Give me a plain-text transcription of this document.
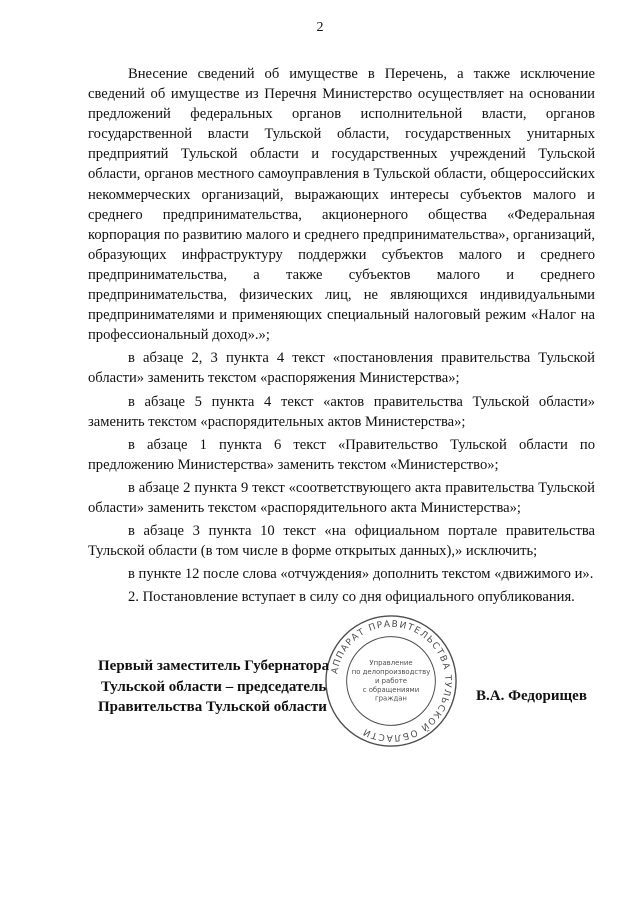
2

Внесение сведений об имуществе в Перечень, а также исключение сведений об имуществе из Перечня Министерство осуществляет на основании предложений федеральных органов исполнительной власти, органов государственной власти Тульской области, государственных унитарных предприятий Тульской области и государственных учреждений Тульской области, органов местного самоуправления в Тульской области, общероссийских некоммерческих организаций, выражающих интересы субъектов малого и среднего предпринимательства, акционерного общества «Федеральная корпорация по развитию малого и среднего предпринимательства», организаций, образующих инфраструктуру поддержки субъектов малого и среднего предпринимательства, а также субъектов малого и среднего предпринимательства, физических лиц, не являющихся индивидуальными предпринимателями и применяющих специальный налоговый режим «Налог на профессиональный доход».»;

в абзаце 2, 3 пункта 4 текст «постановления правительства Тульской области» заменить текстом «распоряжения Министерства»;

в абзаце 5 пункта 4 текст «актов правительства Тульской области» заменить текстом «распорядительных актов Министерства»;

в абзаце 1 пункта 6 текст «Правительство Тульской области по предложению Министерства» заменить текстом «Министерство»;

в абзаце 2 пункта 9 текст «соответствующего акта правительства Тульской области» заменить текстом «распорядительного акта Министерства»;

в абзаце 3 пункта 10 текст «на официальном портале правительства Тульской области (в том числе в форме открытых данных),» исключить;

в пункте 12 после слова «отчуждения» дополнить текстом «движимого и».

2. Постановление вступает в силу со дня официального опубликования.

АППАРАТ ПРАВИТЕЛЬСТВА ТУЛЬСКОЙ ОБЛАСТИ
Управление
по делопроизводству
и работе
с обращениями
граждан
Первый заместитель Губернатора
Тульской области – председатель
Правительства Тульской области
В.А. Федорищев
